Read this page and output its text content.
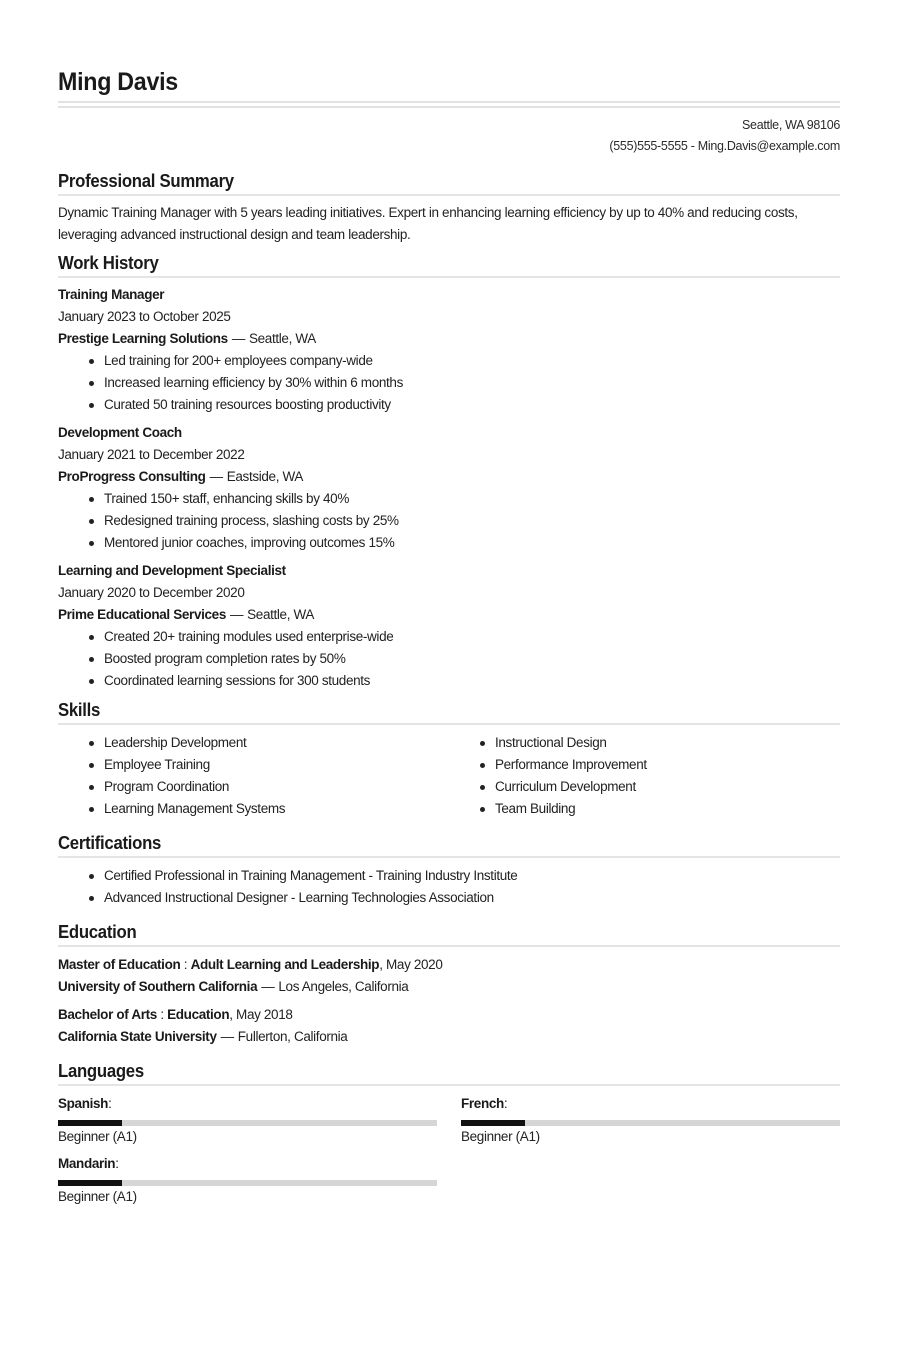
Ming Davis
Seattle, WA 98106
(555)555-5555 - Ming.Davis@example.com
Professional Summary
Dynamic Training Manager with 5 years leading initiatives. Expert in enhancing learning efficiency by up to 40% and reducing costs, leveraging advanced instructional design and team leadership.
Work History
Training Manager
January 2023 to October 2025
Prestige Learning Solutions — Seattle, WA
Led training for 200+ employees company-wide
Increased learning efficiency by 30% within 6 months
Curated 50 training resources boosting productivity
Development Coach
January 2021 to December 2022
ProProgress Consulting — Eastside, WA
Trained 150+ staff, enhancing skills by 40%
Redesigned training process, slashing costs by 25%
Mentored junior coaches, improving outcomes 15%
Learning and Development Specialist
January 2020 to December 2020
Prime Educational Services — Seattle, WA
Created 20+ training modules used enterprise-wide
Boosted program completion rates by 50%
Coordinated learning sessions for 300 students
Skills
Leadership Development
Employee Training
Program Coordination
Learning Management Systems
Instructional Design
Performance Improvement
Curriculum Development
Team Building
Certifications
Certified Professional in Training Management - Training Industry Institute
Advanced Instructional Designer - Learning Technologies Association
Education
Master of Education : Adult Learning and Leadership, May 2020
University of Southern California — Los Angeles, California
Bachelor of Arts : Education, May 2018
California State University — Fullerton, California
Languages
Spanish:
Beginner (A1)
French:
Beginner (A1)
Mandarin:
Beginner (A1)
